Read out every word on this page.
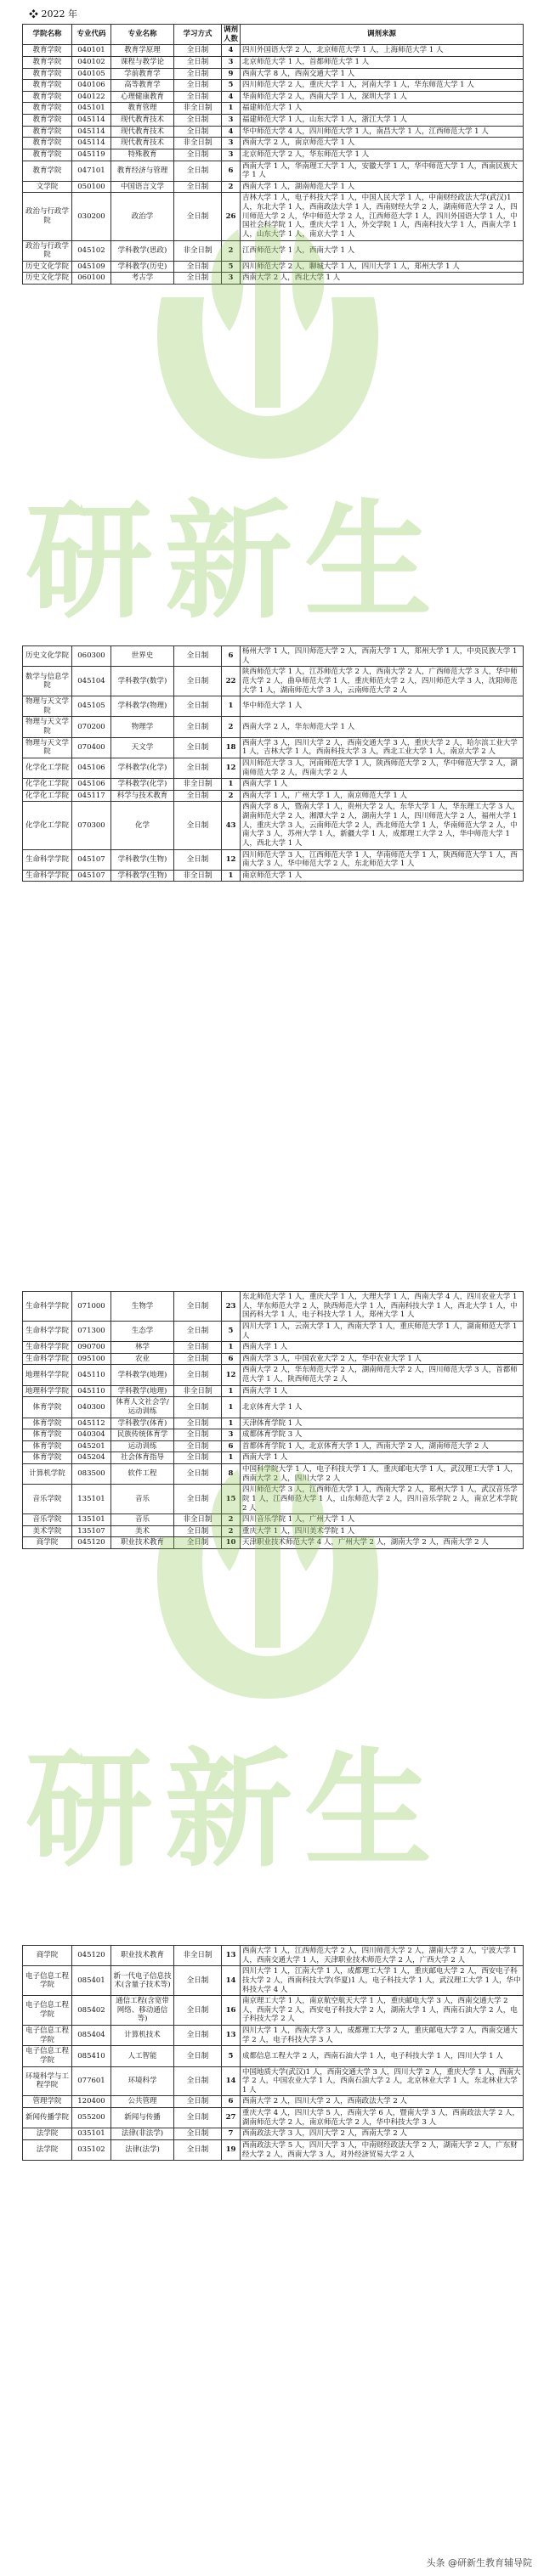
❖ 2022 年
学院名称	专业代码	专业名称	学习方式	调剂人数	调剂来源
教育学院	040101	教育学原理	全日制	4	四川外国语大学 2 人，北京师范大学 1 人，上海师范大学 1 人
教育学院	040102	课程与教学论	全日制	3	北京师范大学 1 人，首都师范大学 1 人
教育学院	040105	学前教育学	全日制	9	西南大学 8 人，西南交通大学 1 人
教育学院	040106	高等教育学	全日制	5	四川师范大学 2 人，重庆大学 1 人，河南大学 1 人，华东师范大学 1 人
教育学院	040122	心理健康教育	全日制	4	华南师范大学 2 人，西南大学 1 人，深圳大学 1 人
教育学院	045101	教育管理	非全日制	1	福建师范大学 1 人
教育学院	045114	现代教育技术	全日制	3	福建师范大学 1 人，山东大学 1 人，浙江大学 1 人
教育学院	045114	现代教育技术	全日制	4	华中师范大学 4 人，四川师范大学 1 人，南昌大学 1 人，江西师范大学 1 人
教育学院	045114	现代教育技术	非全日制	3	西南大学 2 人，南京师范大学 1 人
教育学院	045119	特殊教育	全日制	3	北京师范大学 2 人，华东师范大学 1 人
教育学院	047101	教育经济与管理	全日制	6	西南大学 1 人，华南理工大学 1 人，安徽大学 1 人，华中师范大学 1 人，西南民族大学 1 人
文学院	050100	中国语言文学	全日制	2	西南大学 1 人，湖南师范大学 1 人
政治与行政学院	030200	政治学	全日制	26	吉林大学 1 人，电子科技大学 1 人，中国人民大学 1 人，中南财经政法大学(武汉)1 人，东北大学 1 人，西南政法大学 1 人，西南财经大学 2 人，湖南师范大学 2 人，四川师范大学 2 人，华中师范大学 2 人，江西师范大学 1 人，四川外国语大学 1 人，中国社会科学院 1 人，重庆大学 1 人，外交学院 1 人，西南科技大学 1 人，西南大学 1 人，山东大学 1 人，南京大学 1 人
政治与行政学院	045102	学科教学(思政)	非全日制	2	江西师范大学 1 人，西南大学 1 人
历史文化学院	045109	学科教学(历史)	全日制	5	四川师范大学 2 人，聊城大学 1 人，四川大学 1 人，郑州大学 1 人
历史文化学院	060100	考古学	全日制	3	西南大学 2 人，西北大学 1 人
历史文化学院	060300	世界史	全日制	6	杨州大学 1 人，四川师范大学 2 人，西南大学 1 人，郑州大学 1 人，中央民族大学 1 人
数学与信息学院	045104	学科教学(数学)	全日制	22	陕西师范大学 1 人，江苏师范大学 2 人，西南大学 2 人，广西师范大学 3 人，华中师范大学 2 人，曲阜师范大学 1 人，重庆师范大学 2 人，四川师范大学 3 人，沈阳师范大学 1 人，湖南师范大学 3 人，云南师范大学 2 人
物理与天文学院	045105	学科教学(物理)	全日制	1	华中师范大学 1 人
物理与天文学院	070200	物理学	全日制	2	西南大学 2 人，华东师范大学 1 人
物理与天文学院	070400	天文学	全日制	18	西南大学 3 人，四川大学 2 人，西南交通大学 3 人，重庆大学 2 人，哈尔滨工业大学 1 人，吉林大学 1 人，西南科技大学 3 人，西北工业大学 1 人，南京大学 2 人
化学化工学院	045106	学科教学(化学)	全日制	12	四川师范大学 3 人，河南师范大学 1 人，陕西师范大学 2 人，华中师范大学 2 人，湖南师范大学 2 人，西南大学 2 人
化学化工学院	045106	学科教学(化学)	非全日制	1	西南大学 1 人
化学化工学院	045117	科学与技术教育	全日制	2	西南大学 1 人，广州大学 1 人，南京师范大学 1 人
化学化工学院	070300	化学	全日制	43	西南大学 8 人，暨南大学 1 人，贵州大学 2 人，东华大学 1 人，华东理工大学 3 人，湖南师范大学 2 人，湘潭大学 2 人，湖南大学 1 人，四川师范大学 2 人，福州大学 1 人，重庆大学 3 人，云南师范大学 2 人，西北师范大学 1 人，华南师范大学 2 人，中南大学 3 人，苏州大学 1 人，新疆大学 1 人，成都理工大学 2 人，华中师范大学 1 人，西北大学 1 人
生命科学学院	045107	学科教学(生物)	全日制	12	四川师范大学 3 人，江西师范大学 1 人，华南师范大学 1 人，陕西师范大学 1 人，西南大学 3 人，华中师范大学 2 人，东北师范大学 1 人
生命科学学院	045107	学科教学(生物)	非全日制	1	南京师范大学 1 人
生命科学学院	071000	生物学	全日制	23	东北师范大学 1 人，重庆大学 1 人，大理大学 1 人，西南大学 4 人，四川农业大学 1 人，华东师范大学 2 人，陕西师范大学 1 人，西南科技大学 1 人，西北大学 1 人，中国药科大学 1 人，电子科技大学 1 人，郑州大学 1 人
生命科学学院	071300	生态学	全日制	5	四川大学 1 人，云南大学 1 人，西南大学 1 人，重庆师范大学 1 人，湖南师范大学 1 人
生命科学学院	090700	林学	全日制	1	西南大学 1 人
生命科学学院	095100	农业	全日制	6	西南大学 3 人，中国农业大学 2 人，华中农业大学 1 人
地理科学学院	045110	学科教学(地理)	全日制	12	西南大学 2 人，华东师范大学 2 人，湖南师范大学 2 人，四川师范大学 3 人，首都师范大学 1 人，陕西师范大学 2 人
地理科学学院	045110	学科教学(地理)	非全日制	1	西南大学 1 人
体育学院	040300	体育人文社会学/运动训练	全日制	1	北京体育大学 1 人
体育学院	045112	学科教学(体育)	全日制	1	天津体育学院 1 人
体育学院	040304	民族传统体育学	全日制	3	成都体育学院 3 人
体育学院	045201	运动训练	全日制	6	首都体育学院 1 人，北京体育大学 1 人，西南大学 2 人，湖南师范大学 2 人
体育学院	045204	社会体育指导	全日制	1	西南大学 1 人
计算机学院	083500	软件工程	全日制	8	中国科学院大学 1 人，电子科技大学 1 人，重庆邮电大学 1 人，武汉理工大学 1 人，西南大学 2 人，四川大学 2 人
音乐学院	135101	音乐	全日制	15	四川师范大学 3 人，江西师范大学 1 人，西南大学 2 人，郑州大学 1 人，武汉音乐学院 1 人，江西师范大学 1 人，山东师范大学 2 人，四川音乐学院 2 人，南京艺术学院 2 人
音乐学院	135101	音乐	非全日制	2	四川音乐学院 1 人，广州大学 1 人
美术学院	135107	美术	全日制	2	重庆大学 1 人，四川美术学院 1 人
商学院	045120	职业技术教育	全日制	10	天津职业技术师范大学 4 人，广州大学 2 人，湖南大学 2 人，西南大学 2 人
商学院	045120	职业技术教育	非全日制	13	西南大学 1 人，江西师范大学 2 人，四川师范大学 2 人，湖南大学 2 人，宁波大学 1 人，西南交通大学 1 人，天津职业技术师范大学 2 人，广西大学 2 人
电子信息工程学院	085401	新一代电子信息技术(含量子技术等)	全日制	14	四川大学 1 人，江南大学 1 人，成都理工大学 1 人，重庆邮电大学 2 人，西安电子科技大学 2 人，西南科技大学(华夏)1 人，电子科技大学 1 人，武汉理工大学 1 人，华中科技大学 4 人
电子信息工程学院	085402	通信工程(含宽带网络、移动通信等)	全日制	16	南京理工大学 1 人，南京航空航天大学 1 人，重庆邮电大学 3 人，西南交通大学 2 人，西南大学 2 人，西安电子科技大学 2 人，湖南大学 1 人，西南石油大学 2 人，电子科技大学 2 人
电子信息工程学院	085404	计算机技术	全日制	13	四川大学 1 人，西南大学 3 人，成都理工大学 2 人，重庆邮电大学 2 人，西南交通大学 2 人，电子科技大学 3 人
电子信息工程学院	085410	人工智能	全日制	5	成都信息工程大学 2 人，西南石油大学 1 人，电子科技大学 1 人，四川大学 1 人
环境科学与工程学院	077601	环境科学	全日制	14	中国地质大学(武汉)1 人，西南交通大学 3 人，四川大学 2 人，重庆大学 1 人，西南大学 2 人，中国农业大学 1 人，西南石油大学 2 人，北京林业大学 1 人，东北林业大学 1 人
管理学院	120400	公共管理	全日制	6	西南大学 2 人，四川大学 2 人，西南政法大学 2 人
新闻传播学院	055200	新闻与传播	全日制	27	重庆大学 4 人，四川大学 5 人，西南大学 6 人，暨南大学 3 人，西南政法大学 2 人，湖南师范大学 2 人，南京师范大学 2 人，华中科技大学 3 人
法学院	035101	法律(非法学)	全日制	7	西南政法大学 3 人，四川大学 2 人，西南大学 2 人
法学院	035102	法律(法学)	全日制	19	西南政法大学 5 人，四川大学 3 人，中南财经政法大学 2 人，湖南大学 2 人，广东财经大学 2 人，西南大学 3 人，对外经济贸易大学 2 人
研新生
研新生
头条 @研新生教育辅导院
